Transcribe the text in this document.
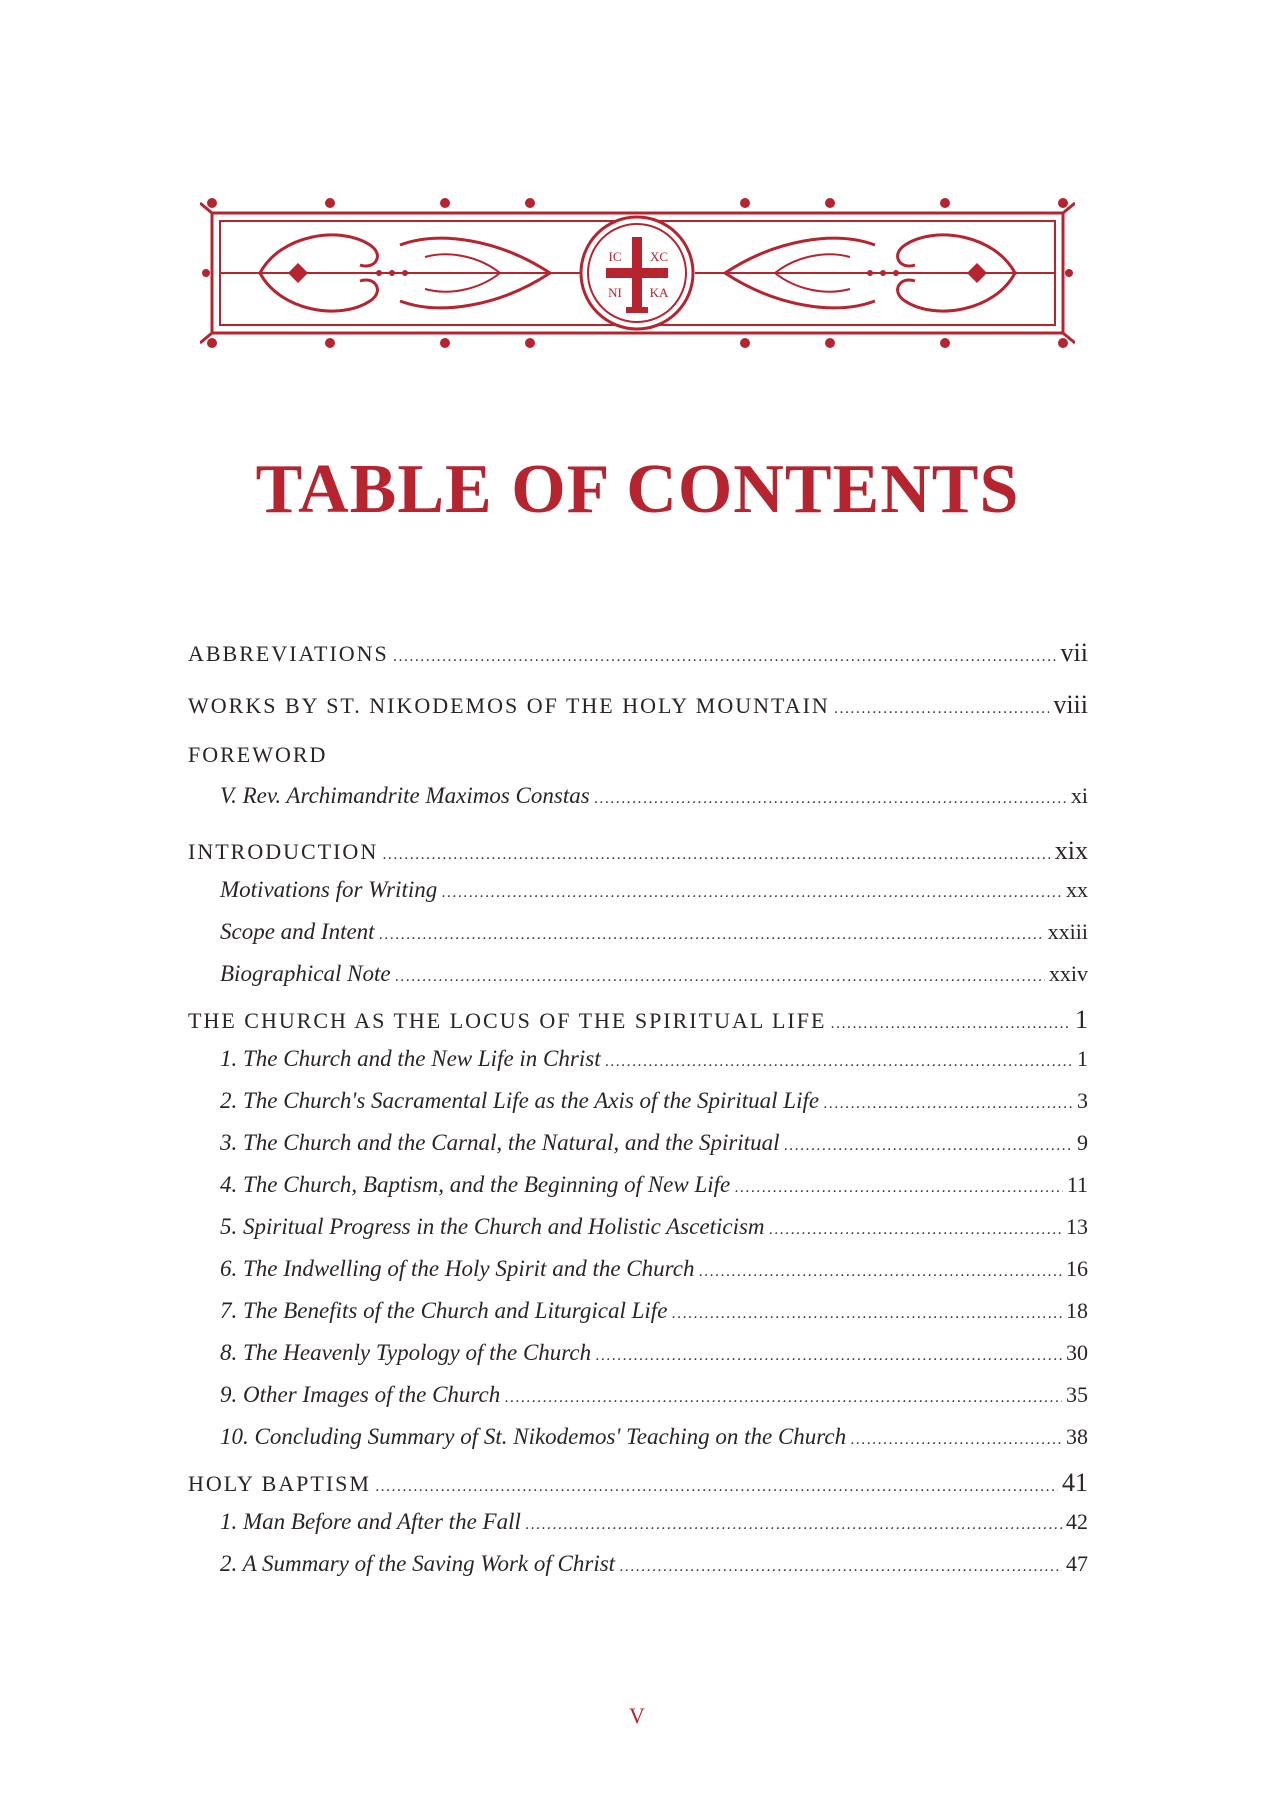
IC XC
NI KA
TABLE OF CONTENTS
ABBREVIATIONS .....	vii
WORKS BY ST. NIKODEMOS OF THE HOLY MOUNTAIN .....	viii
FOREWORD
V. Rev. Archimandrite Maximos Constas .....	xi
INTRODUCTION .....	xix
Motivations for Writing .....	xx
Scope and Intent .....	xxiii
Biographical Note .....	xxiv
THE CHURCH AS THE LOCUS OF THE SPIRITUAL LIFE .....	1
1. The Church and the New Life in Christ .....	1
2. The Church's Sacramental Life as the Axis of the Spiritual Life .....	3
3. The Church and the Carnal, the Natural, and the Spiritual .....	9
4. The Church, Baptism, and the Beginning of New Life .....	11
5. Spiritual Progress in the Church and Holistic Asceticism .....	13
6. The Indwelling of the Holy Spirit and the Church .....	16
7. The Benefits of the Church and Liturgical Life .....	18
8. The Heavenly Typology of the Church .....	30
9. Other Images of the Church .....	35
10. Concluding Summary of St. Nikodemos' Teaching on the Church .....	38
HOLY BAPTISM .....	41
1. Man Before and After the Fall .....	42
2. A Summary of the Saving Work of Christ .....	47
V
